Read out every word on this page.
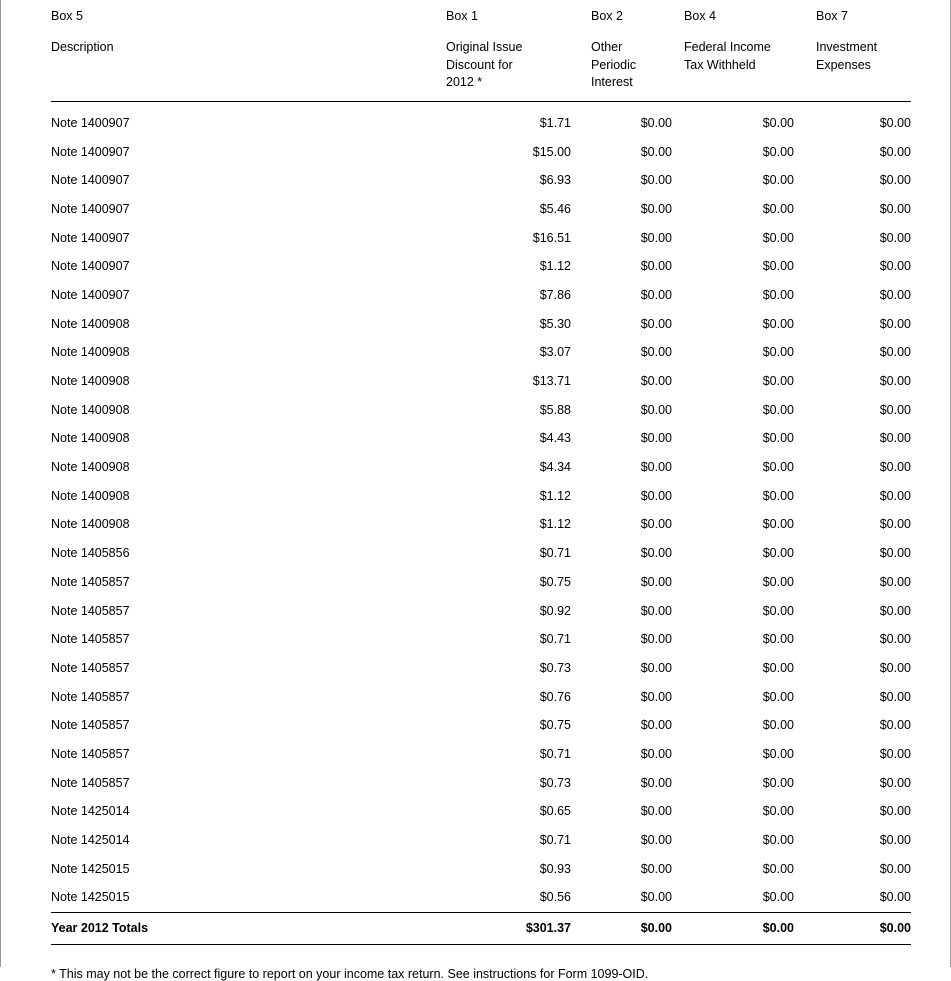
Box 5	Box 1	Box 2	Box 4	Box 7

Description	Original Issue Discount for 2012 *	Other Periodic Interest	Federal Income Tax Withheld	Investment Expenses

Note 1400907	$1.71	$0.00	$0.00	$0.00
Note 1400907	$15.00	$0.00	$0.00	$0.00
Note 1400907	$6.93	$0.00	$0.00	$0.00
Note 1400907	$5.46	$0.00	$0.00	$0.00
Note 1400907	$16.51	$0.00	$0.00	$0.00
Note 1400907	$1.12	$0.00	$0.00	$0.00
Note 1400907	$7.86	$0.00	$0.00	$0.00
Note 1400908	$5.30	$0.00	$0.00	$0.00
Note 1400908	$3.07	$0.00	$0.00	$0.00
Note 1400908	$13.71	$0.00	$0.00	$0.00
Note 1400908	$5.88	$0.00	$0.00	$0.00
Note 1400908	$4.43	$0.00	$0.00	$0.00
Note 1400908	$4.34	$0.00	$0.00	$0.00
Note 1400908	$1.12	$0.00	$0.00	$0.00
Note 1400908	$1.12	$0.00	$0.00	$0.00
Note 1405856	$0.71	$0.00	$0.00	$0.00
Note 1405857	$0.75	$0.00	$0.00	$0.00
Note 1405857	$0.92	$0.00	$0.00	$0.00
Note 1405857	$0.71	$0.00	$0.00	$0.00
Note 1405857	$0.73	$0.00	$0.00	$0.00
Note 1405857	$0.76	$0.00	$0.00	$0.00
Note 1405857	$0.75	$0.00	$0.00	$0.00
Note 1405857	$0.71	$0.00	$0.00	$0.00
Note 1405857	$0.73	$0.00	$0.00	$0.00
Note 1425014	$0.65	$0.00	$0.00	$0.00
Note 1425014	$0.71	$0.00	$0.00	$0.00
Note 1425015	$0.93	$0.00	$0.00	$0.00
Note 1425015	$0.56	$0.00	$0.00	$0.00

Year 2012 Totals	$301.37	$0.00	$0.00	$0.00

* This may not be the correct figure to report on your income tax return. See instructions for Form 1099-OID.
